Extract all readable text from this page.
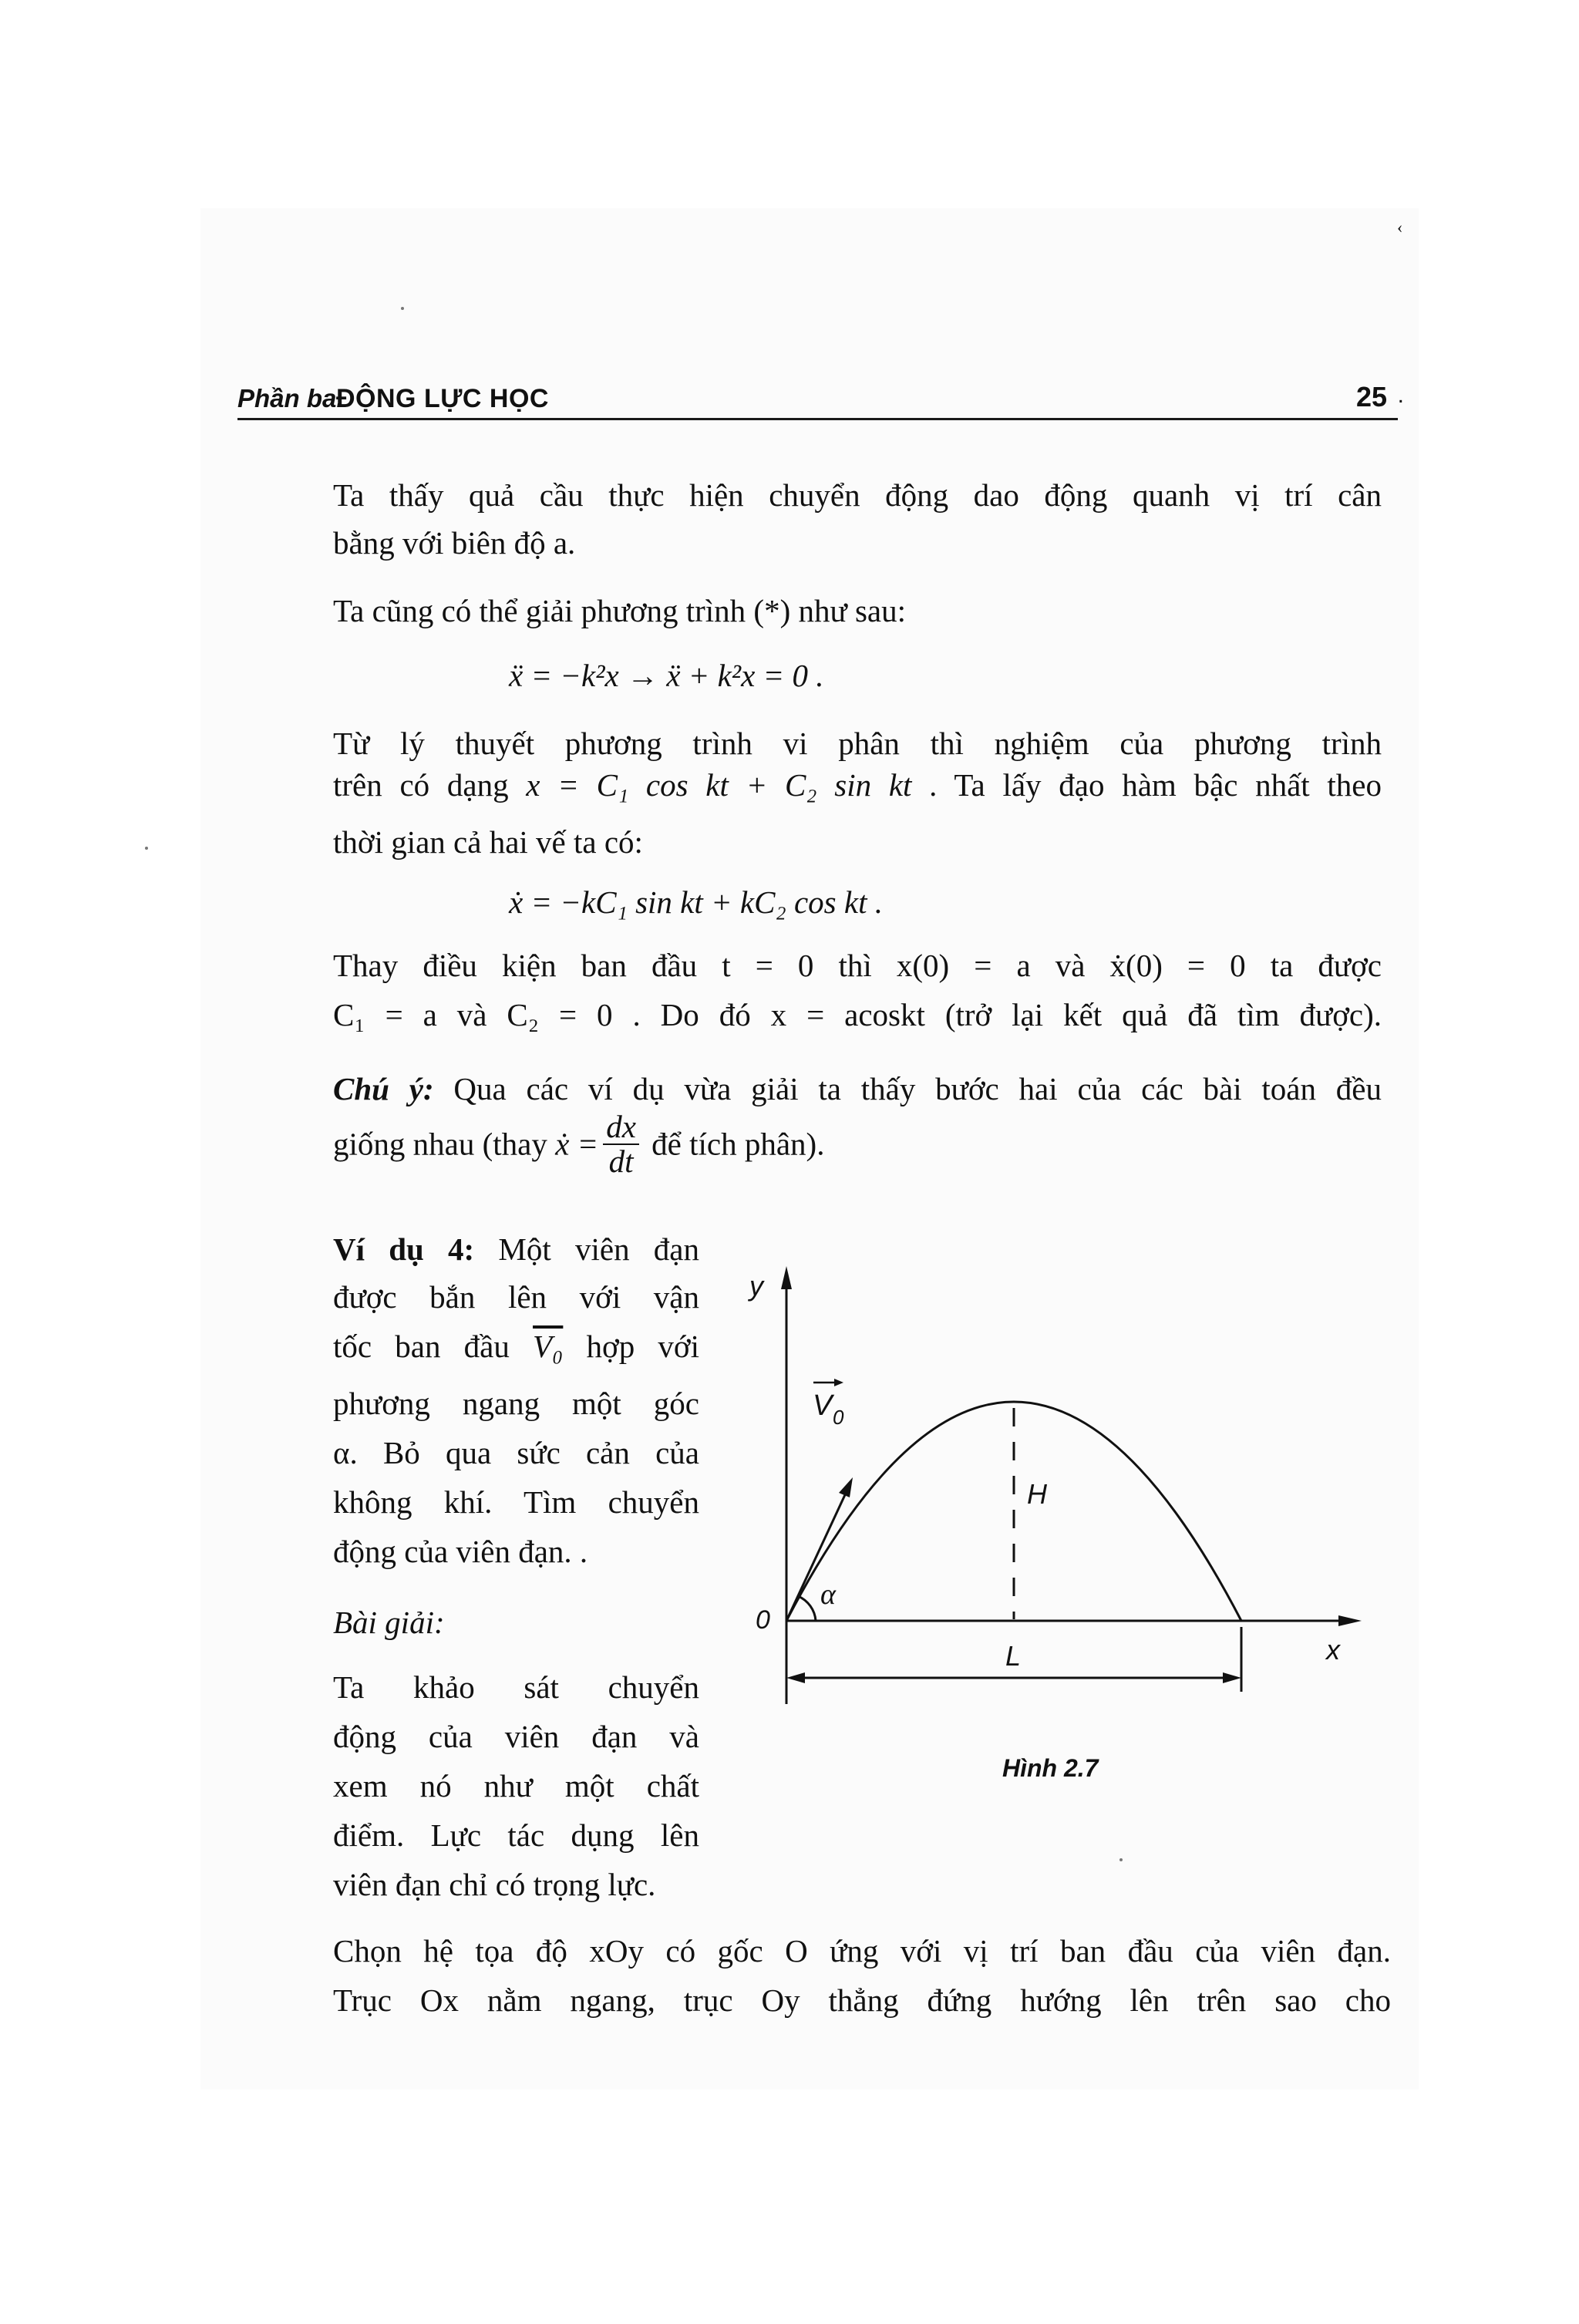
‹
Phần ba.
ĐỘNG LỰC HỌC	25 .
Ta thấy quả cầu thực hiện chuyển động dao động quanh vị trí cân
bằng với biên độ a.
Ta cũng có thể giải phương trình (*) như sau:
ẍ = −k²x → ẍ + k²x = 0 .
Từ lý thuyết phương trình vi phân thì nghiệm của phương trình
trên có dạng x = C₁ cos kt + C₂ sin kt . Ta lấy đạo hàm bậc nhất theo
thời gian cả hai vế ta có:
ẋ = −kC₁ sin kt + kC₂ cos kt .
Thay điều kiện ban đầu t = 0 thì x(0) = a và ẋ(0) = 0 ta được
C₁ = a và C₂ = 0 . Do đó x = acoskt (trở lại kết quả đã tìm được).
Chú ý: Qua các ví dụ vừa giải ta thấy bước hai của các bài toán đều
giống nhau (thay ẋ = $\frac{dx}{dt}$ để tích phân).
Ví dụ 4: Một viên đạn
được bắn lên với vận
tốc ban đầu V₀ hợp với
phương ngang một góc
α. Bỏ qua sức cản của
không khí. Tìm chuyển
động của viên đạn. .
Bài giải:
Ta khảo sát chuyển
động của viên đạn và
xem nó như một chất
điểm. Lực tác dụng lên
viên đạn chỉ có trọng lực.
y
x
0
V 0
α
H
L
Hình 2.7
Chọn hệ tọa độ xOy có gốc O ứng với vị trí ban đầu của viên đạn.
Trục Ox nằm ngang, trục Oy thẳng đứng hướng lên trên sao cho
